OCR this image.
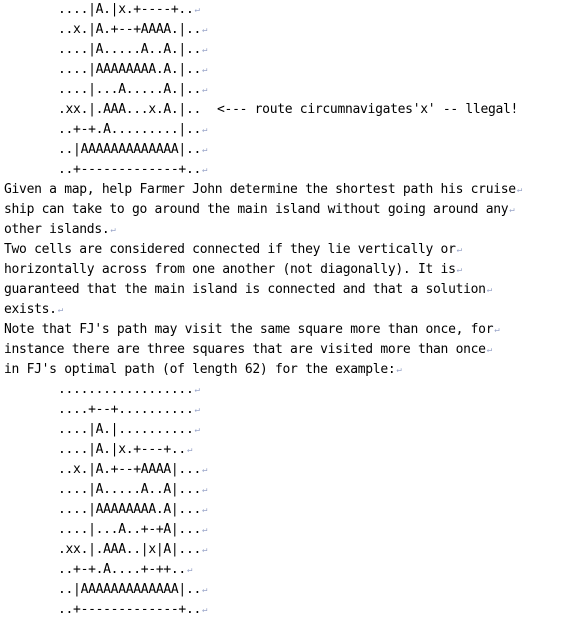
....|A.|x.+----+..↵
..x.|A.+--+AAAA.|..↵
....|A.....A..A.|..↵
....|AAAAAAAA.A.|..↵
....|...A.....A.|..↵
.xx.|.AAA...x.A.|.. <--- route circumnavigates'x' -- llegal!
..+-+.A.........|..↵
..|AAAAAAAAAAAAA|..↵
..+-------------+..↵
Given a map, help Farmer John determine the shortest path his cruise↵
ship can take to go around the main island without going around any↵
other islands.↵
Two cells are considered connected if they lie vertically or↵
horizontally across from one another (not diagonally). It is↵
guaranteed that the main island is connected and that a solution↵
exists.↵
Note that FJ's path may visit the same square more than once, for↵
instance there are three squares that are visited more than once↵
in FJ's optimal path (of length 62) for the example:↵
..................↵
....+--+..........↵
....|A.|..........↵
....|A.|x.+---+..↵
..x.|A.+--+AAAA|...↵
....|A.....A..A|...↵
....|AAAAAAAA.A|...↵
....|...A..+-+A|...↵
.xx.|.AAA..|x|A|...↵
..+-+.A....+-++..↵
..|AAAAAAAAAAAAA|..↵
..+-------------+..↵
